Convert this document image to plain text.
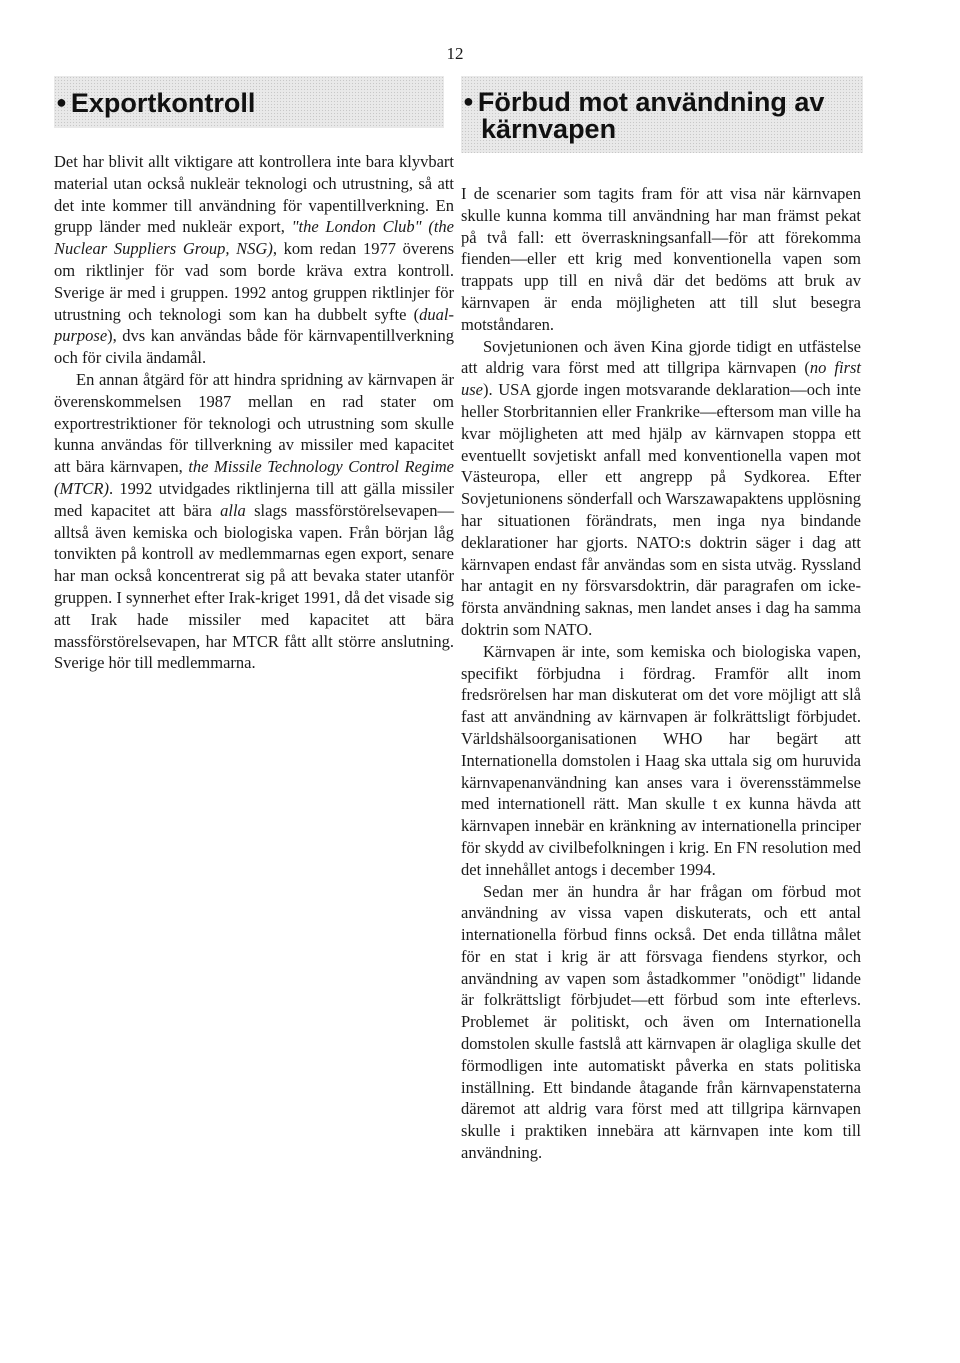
12
● Exportkontroll

Det har blivit allt viktigare att kontrollera inte bara klyvbart material utan också nukleär teknologi och utrustning, så att det inte kommer till användning för vapentillverkning. En grupp länder med nukleär export, "the London Club" (the Nuclear Suppliers Group, NSG), kom redan 1977 överens om riktlinjer för vad som borde kräva extra kontroll. Sverige är med i gruppen. 1992 antog gruppen riktlinjer för utrustning och teknologi som kan ha dubbelt syfte (dual-purpose), dvs kan användas både för kärnvapentillverkning och för civila ändamål.

En annan åtgärd för att hindra spridning av kärnvapen är överenskommelsen 1987 mellan en rad stater om exportrestriktioner för teknologi och utrustning som skulle kunna användas för tillverkning av missiler med kapacitet att bära kärnvapen, the Missile Technology Control Regime (MTCR). 1992 utvidgades riktlinjerna till att gälla missiler med kapacitet att bära alla slags massförstörelsevapen—alltså även kemiska och biologiska vapen. Från början låg tonvikten på kontroll av medlemmarnas egen export, senare har man också koncentrerat sig på att bevaka stater utanför gruppen. I synnerhet efter Irak-kriget 1991, då det visade sig att Irak hade missiler med kapacitet att bära massförstörelsevapen, har MTCR fått allt större anslutning. Sverige hör till medlemmarna.

● Förbud mot användning av
kärnvapen

I de scenarier som tagits fram för att visa när kärnvapen skulle kunna komma till användning har man främst pekat på två fall: ett överraskningsanfall—för att förekomma fienden—eller ett krig med konventionella vapen som trappats upp till en nivå där det bedöms att bruk av kärnvapen är enda möjligheten att till slut besegra motståndaren.

Sovjetunionen och även Kina gjorde tidigt en utfästelse att aldrig vara först med att tillgripa kärnvapen (no first use). USA gjorde ingen motsvarande deklaration—och inte heller Storbritannien eller Frankrike—eftersom man ville ha kvar möjligheten att med hjälp av kärnvapen stoppa ett eventuellt sovjetiskt anfall med konventionella vapen mot Västeuropa, eller ett angrepp på Sydkorea. Efter Sovjetunionens sönderfall och Warszawapaktens upplösning har situationen förändrats, men inga nya bindande deklarationer har gjorts. NATO:s doktrin säger i dag att kärnvapen endast får användas som en sista utväg. Ryssland har antagit en ny försvarsdoktrin, där paragrafen om icke-första användning saknas, men landet anses i dag ha samma doktrin som NATO.

Kärnvapen är inte, som kemiska och biologiska vapen, specifikt förbjudna i fördrag. Framför allt inom fredsrörelsen har man diskuterat om det vore möjligt att slå fast att användning av kärnvapen är folkrättsligt förbjudet. Världshälsoorganisationen WHO har begärt att Internationella domstolen i Haag ska uttala sig om huruvida kärnvapenanvändning kan anses vara i överensstämmelse med internationell rätt. Man skulle t ex kunna hävda att kärnvapen innebär en kränkning av internationella principer för skydd av civilbefolkningen i krig. En FN resolution med det innehållet antogs i december 1994.

Sedan mer än hundra år har frågan om förbud mot användning av vissa vapen diskuterats, och ett antal internationella förbud finns också. Det enda tillåtna målet för en stat i krig är att försvaga fiendens styrkor, och användning av vapen som åstadkommer "onödigt" lidande är folkrättsligt förbjudet—ett förbud som inte efterlevs. Problemet är politiskt, och även om Internationella domstolen skulle fastslå att kärnvapen är olagliga skulle det förmodligen inte automatiskt påverka en stats politiska inställning. Ett bindande åtagande från kärnvapenstaterna däremot att aldrig vara först med att tillgripa kärnvapen skulle i praktiken innebära att kärnvapen inte kom till användning.
